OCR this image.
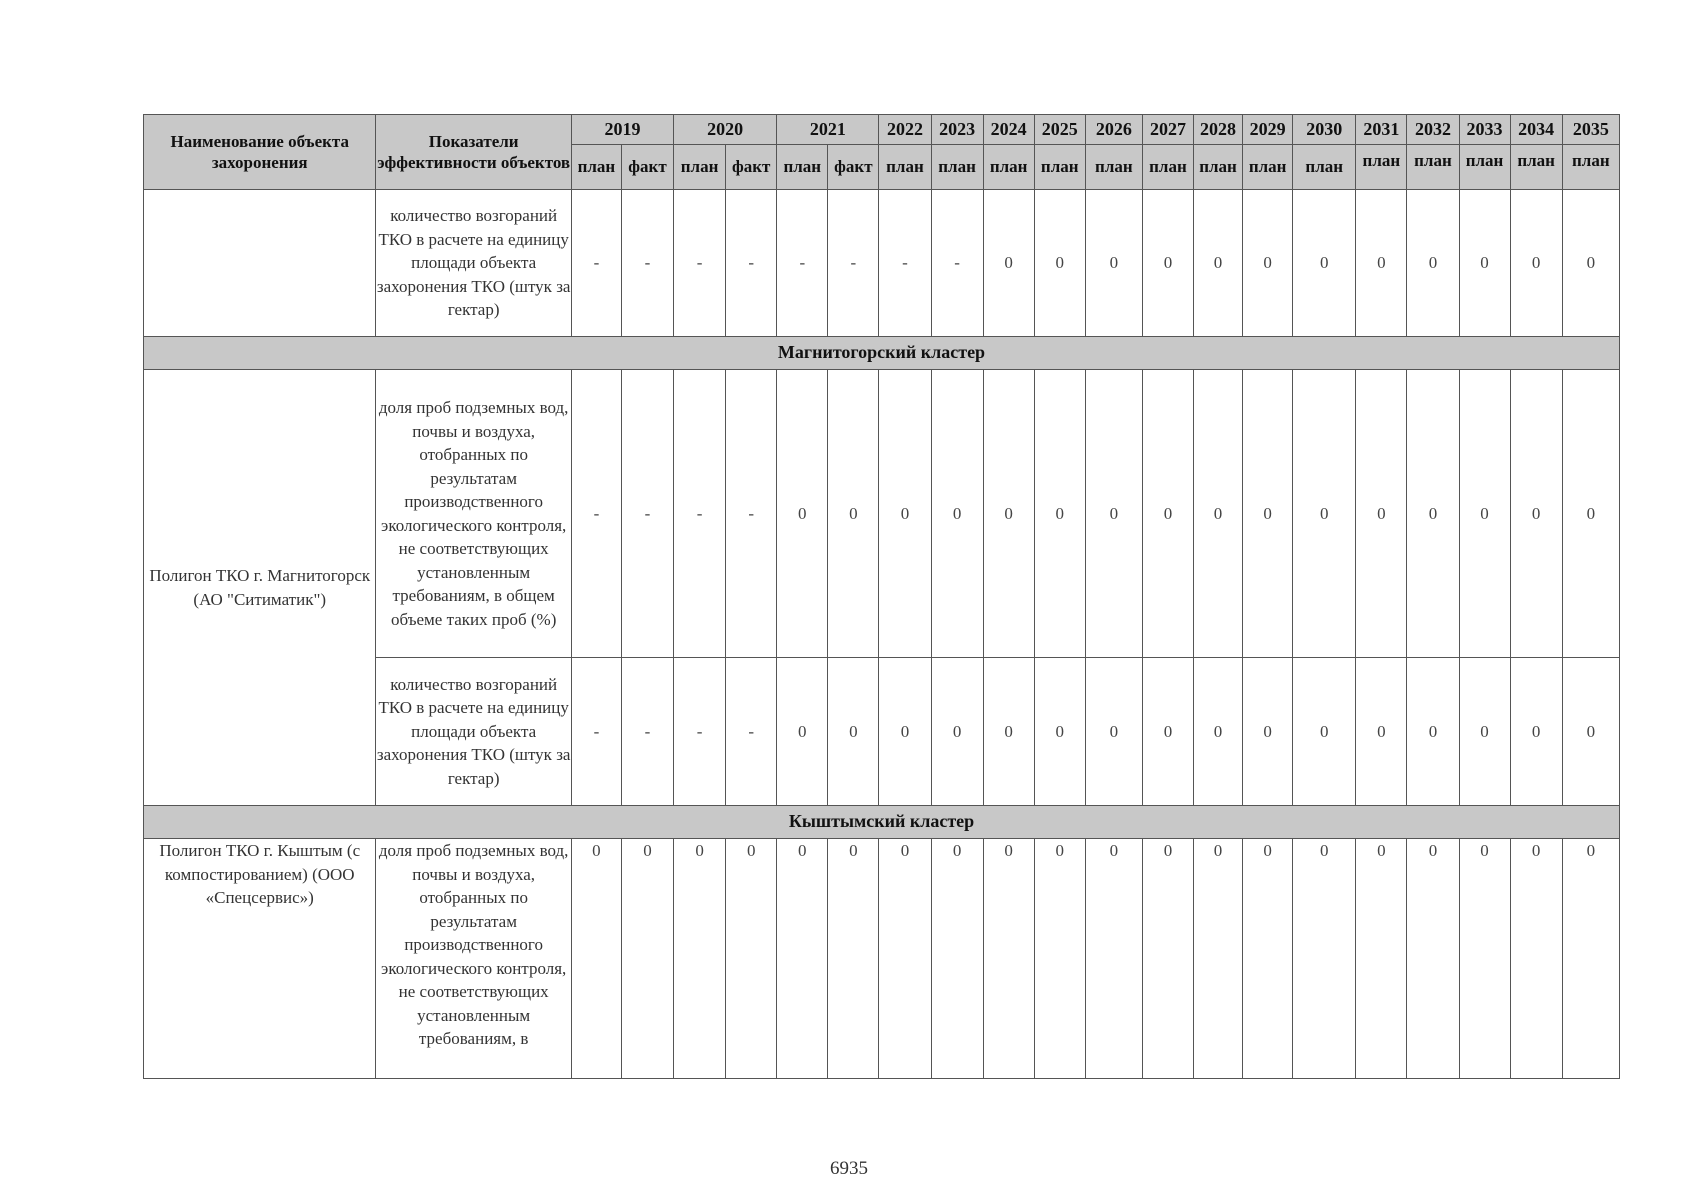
Наименование объекта захоронения	Показатели эффективности объектов	2019		2020		2021		2022	2023	2024	2025	2026	2027	2028	2029	2030	2031	2032	2033	2034	2035
		план	факт	план	факт	план	факт	план	план	план	план	план	план	план	план	план	план	план	план	план	план
	количество возгораний ТКО в расчете на единицу площади объекта захоронения ТКО (штук за гектар)	-	-	-	-	-	-	-	-	0	0	0	0	0	0	0	0	0	0	0	0
Магнитогорский кластер																					
Полигон ТКО г. Магнитогорск (АО "Ситиматик")	доля проб подземных вод, почвы и воздуха, отобранных по результатам производственного экологического контроля, не соответствующих установленным требованиям, в общем объеме таких проб (%)	-	-	-	-	0	0	0	0	0	0	0	0	0	0	0	0	0	0	0	0
	количество возгораний ТКО в расчете на единицу площади объекта захоронения ТКО (штук за гектар)	-	-	-	-	0	0	0	0	0	0	0	0	0	0	0	0	0	0	0	0
Кыштымский кластер																					
Полигон ТКО г. Кыштым (с компостированием) (ООО «Спецсервис»)	доля проб подземных вод, почвы и воздуха, отобранных по результатам производственного экологического контроля, не соответствующих установленным требованиям, в	0	0	0	0	0	0	0	0	0	0	0	0	0	0	0	0	0	0	0	0
6935
